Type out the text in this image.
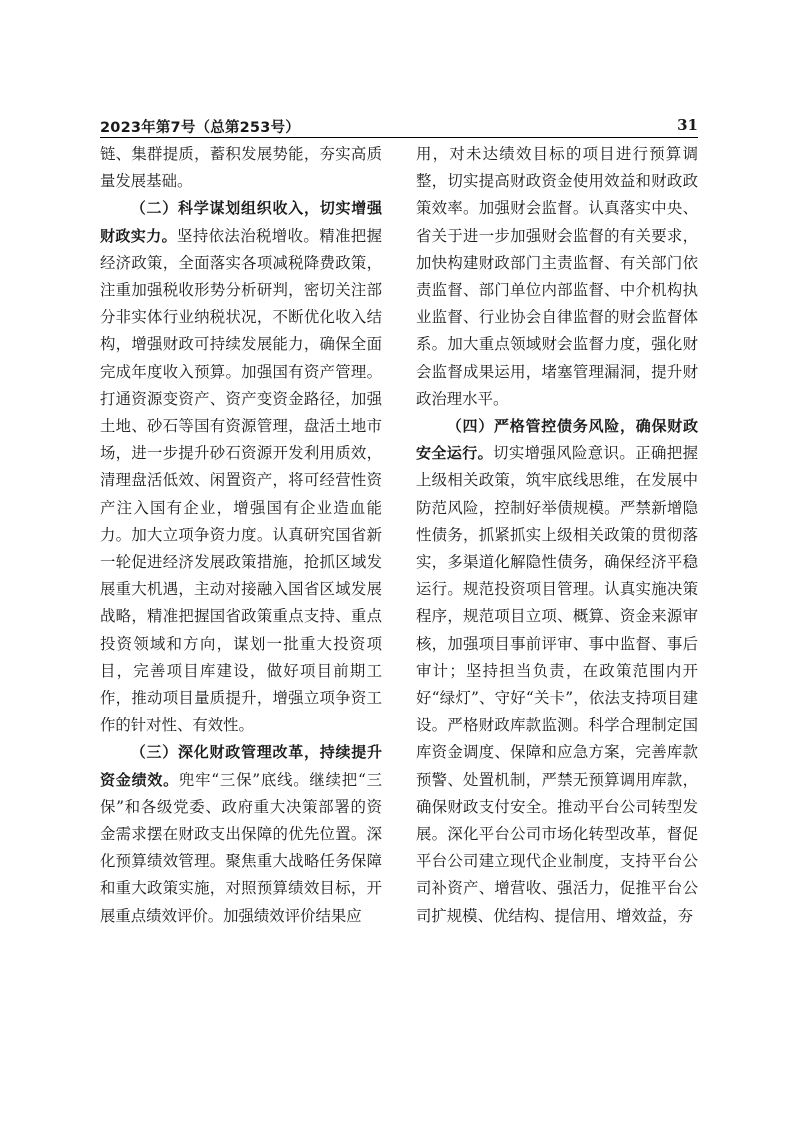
2023年第7号（总第253号）	31

链、集群提质，蓄积发展势能，夯实高质量发展基础。

（二）科学谋划组织收入，切实增强财政实力。坚持依法治税增收。精准把握经济政策，全面落实各项减税降费政策，注重加强税收形势分析研判，密切关注部分非实体行业纳税状况，不断优化收入结构，增强财政可持续发展能力，确保全面完成年度收入预算。加强国有资产管理。打通资源变资产、资产变资金路径，加强土地、砂石等国有资源管理，盘活土地市场，进一步提升砂石资源开发利用质效，清理盘活低效、闲置资产，将可经营性资产注入国有企业，增强国有企业造血能力。加大立项争资力度。认真研究国省新一轮促进经济发展政策措施，抢抓区域发展重大机遇，主动对接融入国省区域发展战略，精准把握国省政策重点支持、重点投资领域和方向，谋划一批重大投资项目，完善项目库建设，做好项目前期工作，推动项目量质提升，增强立项争资工作的针对性、有效性。

（三）深化财政管理改革，持续提升资金绩效。兜牢“三保”底线。继续把“三保”和各级党委、政府重大决策部署的资金需求摆在财政支出保障的优先位置。深化预算绩效管理。聚焦重大战略任务保障和重大政策实施，对照预算绩效目标，开展重点绩效评价。加强绩效评价结果应

用，对未达绩效目标的项目进行预算调整，切实提高财政资金使用效益和财政政策效率。加强财会监督。认真落实中央、省关于进一步加强财会监督的有关要求，加快构建财政部门主责监督、有关部门依责监督、部门单位内部监督、中介机构执业监督、行业协会自律监督的财会监督体系。加大重点领域财会监督力度，强化财会监督成果运用，堵塞管理漏洞，提升财政治理水平。

（四）严格管控债务风险，确保财政安全运行。切实增强风险意识。正确把握上级相关政策，筑牢底线思维，在发展中防范风险，控制好举债规模。严禁新增隐性债务，抓紧抓实上级相关政策的贯彻落实，多渠道化解隐性债务，确保经济平稳运行。规范投资项目管理。认真实施决策程序，规范项目立项、概算、资金来源审核，加强项目事前评审、事中监督、事后审计；坚持担当负责，在政策范围内开好“绿灯”、守好“关卡”，依法支持项目建设。严格财政库款监测。科学合理制定国库资金调度、保障和应急方案，完善库款预警、处置机制，严禁无预算调用库款，确保财政支付安全。推动平台公司转型发展。深化平台公司市场化转型改革，督促平台公司建立现代企业制度，支持平台公司补资产、增营收、强活力，促推平台公司扩规模、优结构、提信用、增效益，夯
